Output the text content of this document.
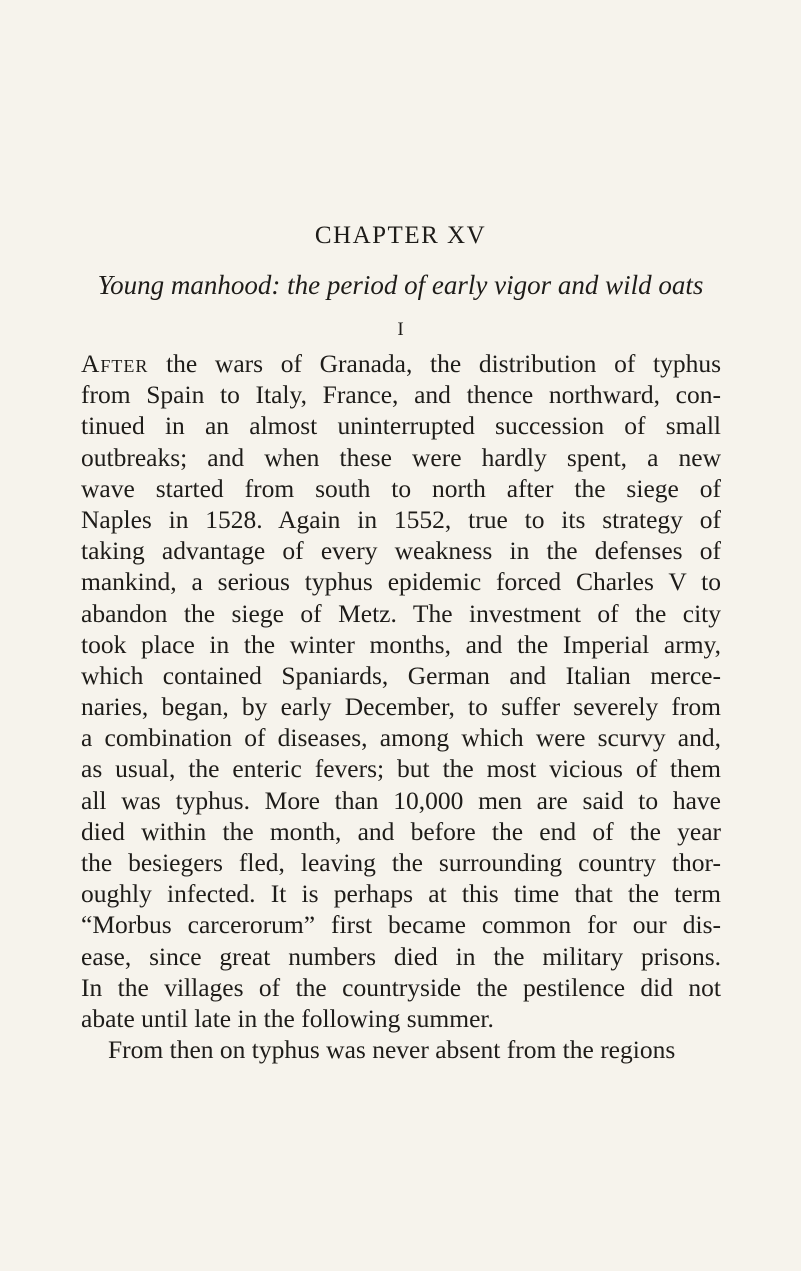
CHAPTER XV
Young manhood: the period of early vigor and wild oats
I
After the wars of Granada, the distribution of typhus
from Spain to Italy, France, and thence northward, con-
tinued in an almost uninterrupted succession of small
outbreaks; and when these were hardly spent, a new
wave started from south to north after the siege of
Naples in 1528. Again in 1552, true to its strategy of
taking advantage of every weakness in the defenses of
mankind, a serious typhus epidemic forced Charles V to
abandon the siege of Metz. The investment of the city
took place in the winter months, and the Imperial army,
which contained Spaniards, German and Italian merce-
naries, began, by early December, to suffer severely from
a combination of diseases, among which were scurvy and,
as usual, the enteric fevers; but the most vicious of them
all was typhus. More than 10,000 men are said to have
died within the month, and before the end of the year
the besiegers fled, leaving the surrounding country thor-
oughly infected. It is perhaps at this time that the term
“Morbus carcerorum” first became common for our dis-
ease, since great numbers died in the military prisons.
In the villages of the countryside the pestilence did not
abate until late in the following summer.
From then on typhus was never absent from the regions
